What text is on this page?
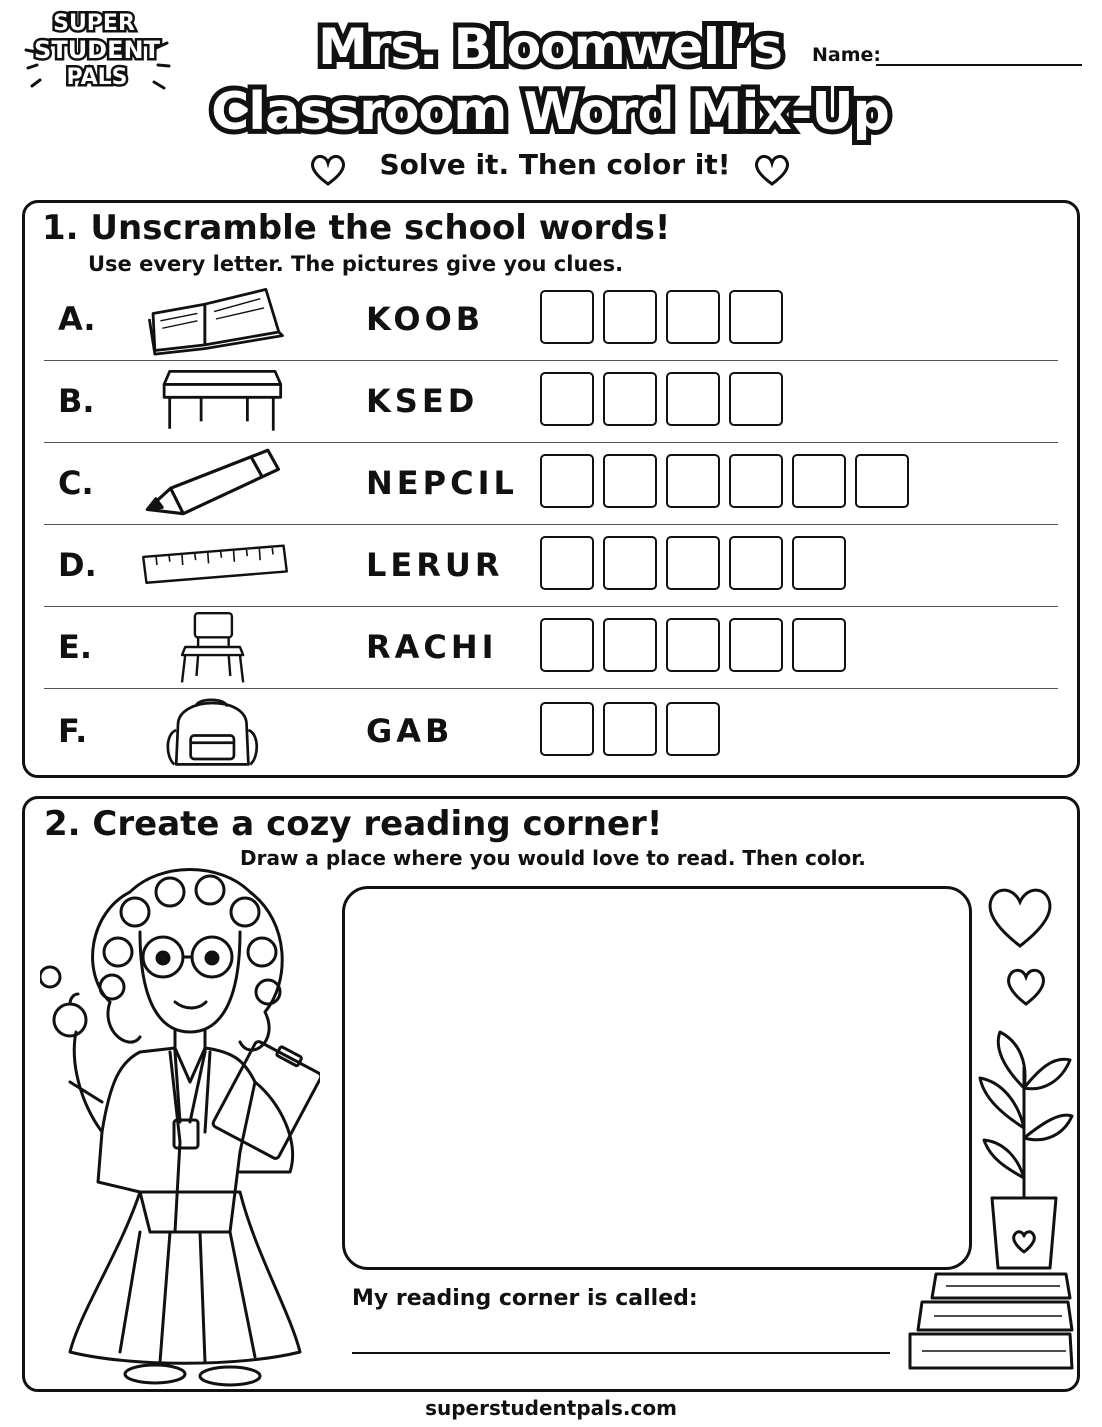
SUPER
STUDENT
PALS
Mrs. Bloomwell’s
Classroom Word Mix-Up
Solve it. Then color it!
Name:
1. Unscramble the school words!
Use every letter. The pictures give you clues.
A.	KOOB
B.	KSED
C.	NEPCIL
D.	LERUR
E.	RACHI
F.	GAB
2. Create a cozy reading corner!
Draw a place where you would love to read. Then color.
My reading corner is called:
superstudentpals.com
